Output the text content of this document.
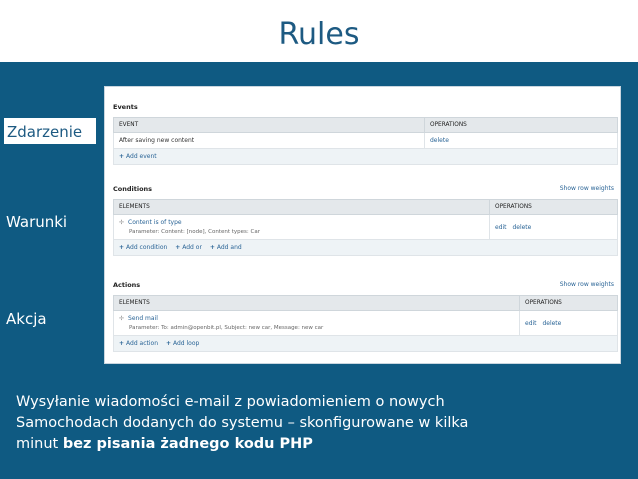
Rules
Zdarzenie
Warunki
Akcja
Events
EVENT	OPERATIONS
After saving new content	delete
+ Add event
Conditions	Show row weights
ELEMENTS	OPERATIONS

✢ Content is of type
Parameter: Content: [node], Content types: Car	edit delete
+ Add condition + Add or + Add and
Actions	Show row weights
ELEMENTS	OPERATIONS

✢ Send mail
Parameter: To: admin@openbit.pl, Subject: new car, Message: new car	edit delete
+ Add action + Add loop
Wysyłanie wiadomości e-mail z powiadomieniem o nowych
Samochodach dodanych do systemu – skonfigurowane w kilka
minut bez pisania żadnego kodu PHP
